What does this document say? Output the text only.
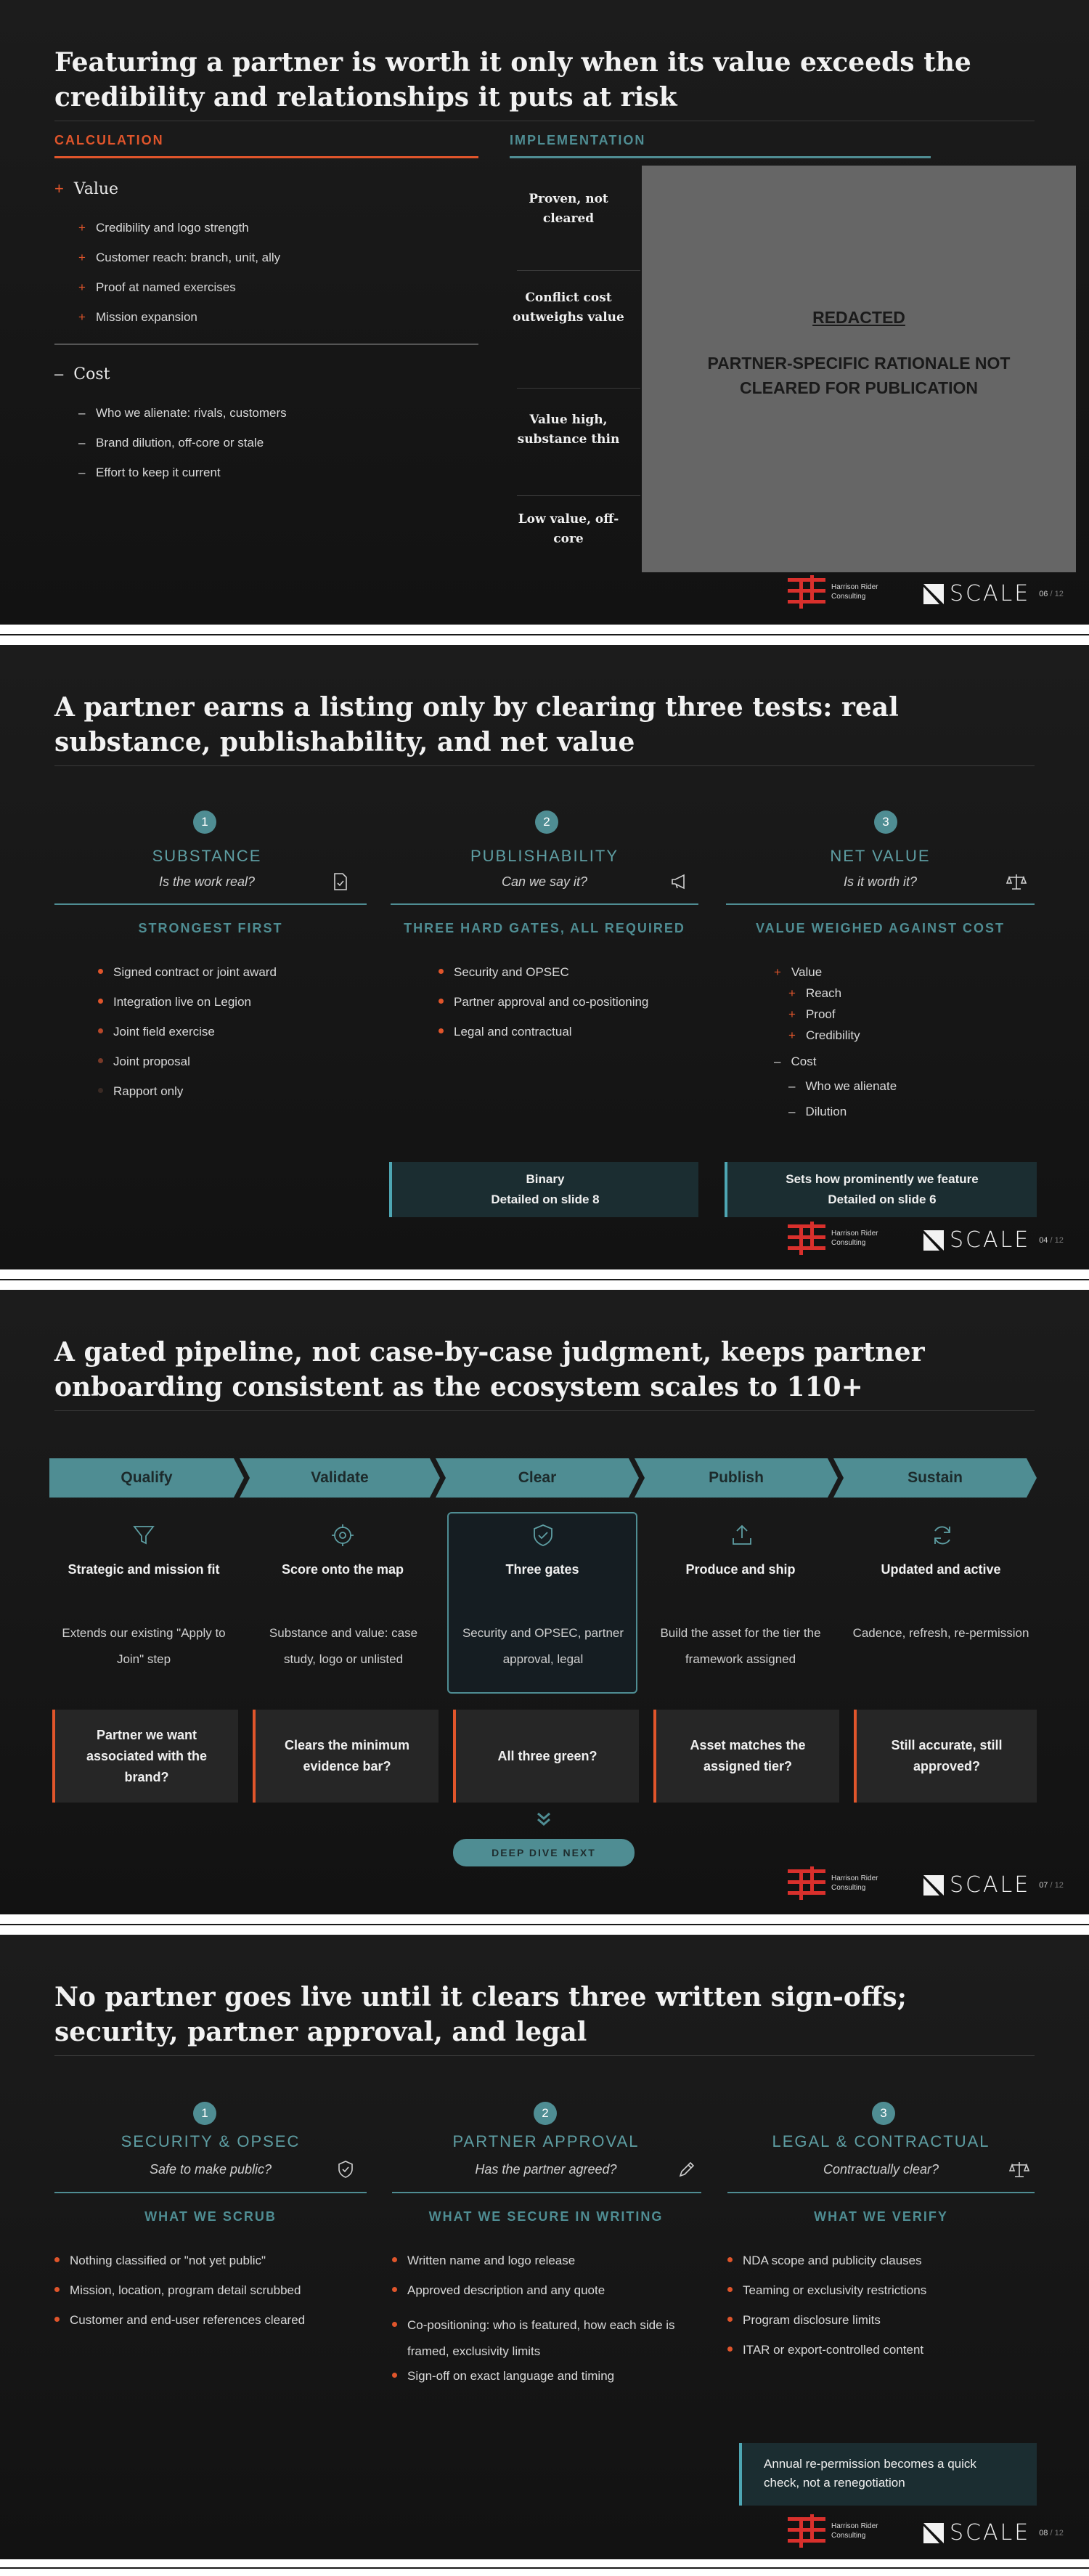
Featuring a partner is worth it only when its value exceeds the credibility and relationships it puts at risk
CALCULATION	IMPLEMENTATION
+ Value
+ Credibility and logo strength
+ Customer reach: branch, unit, ally
+ Proof at named exercises
+ Mission expansion
– Cost
– Who we alienate: rivals, customers
– Brand dilution, off-core or stale
– Effort to keep it current
Proven, not cleared
Conflict cost outweighs value
Value high, substance thin
Low value, off-core
REDACTED
PARTNER-SPECIFIC RATIONALE NOT CLEARED FOR PUBLICATION
Harrison Rider Consulting	SCALE 06 / 12
A partner earns a listing only by clearing three tests: real substance, publishability, and net value
1
SUBSTANCE
Is the work real?
STRONGEST FIRST
Signed contract or joint award
Integration live on Legion
Joint field exercise
Joint proposal
Rapport only
2
PUBLISHABILITY
Can we say it?
THREE HARD GATES, ALL REQUIRED
Security and OPSEC
Partner approval and co-positioning
Legal and contractual
Binary
Detailed on slide 8
3
NET VALUE
Is it worth it?
VALUE WEIGHED AGAINST COST
+ Value
+ Reach
+ Proof
+ Credibility
– Cost
– Who we alienate
– Dilution
Sets how prominently we feature
Detailed on slide 6
Harrison Rider Consulting	SCALE 04 / 12
A gated pipeline, not case-by-case judgment, keeps partner onboarding consistent as the ecosystem scales to 110+
Qualify	Validate	Clear	Publish	Sustain
Strategic and mission fit	Score onto the map	Three gates	Produce and ship	Updated and active
Extends our existing "Apply to Join" step
Substance and value: case study, logo or unlisted
Security and OPSEC, partner approval, legal
Build the asset for the tier the framework assigned
Cadence, refresh, re-permission
Partner we want associated with the brand?
Clears the minimum evidence bar?
All three green?
Asset matches the assigned tier?
Still accurate, still approved?
DEEP DIVE NEXT
Harrison Rider Consulting	SCALE 07 / 12
No partner goes live until it clears three written sign-offs; security, partner approval, and legal
1
SECURITY & OPSEC
Safe to make public?
WHAT WE SCRUB
Nothing classified or "not yet public"
Mission, location, program detail scrubbed
Customer and end-user references cleared
2
PARTNER APPROVAL
Has the partner agreed?
WHAT WE SECURE IN WRITING
Written name and logo release
Approved description and any quote
Co-positioning: who is featured, how each side is framed, exclusivity limits
Sign-off on exact language and timing
3
LEGAL & CONTRACTUAL
Contractually clear?
WHAT WE VERIFY
NDA scope and publicity clauses
Teaming or exclusivity restrictions
Program disclosure limits
ITAR or export-controlled content
Annual re-permission becomes a quick check, not a renegotiation
Harrison Rider Consulting	SCALE 08 / 12
